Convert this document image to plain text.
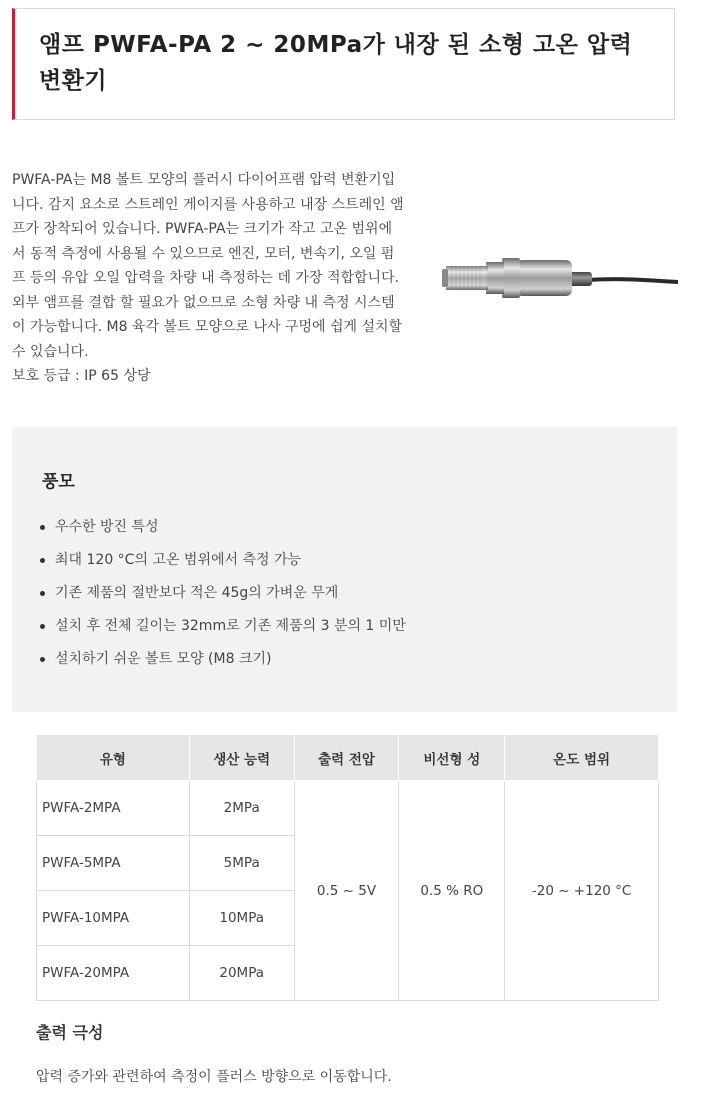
앰프 PWFA-PA 2 ~ 20MPa가 내장 된 소형 고온 압력 변환기

PWFA-PA는 M8 볼트 모양의 플러시 다이어프램 압력 변환기입니다. 감지 요소로 스트레인 게이지를 사용하고 내장 스트레인 앰프가 장착되어 있습니다. PWFA-PA는 크기가 작고 고온 범위에서 동적 측정에 사용될 수 있으므로 엔진, 모터, 변속기, 오일 펌프 등의 유압 오일 압력을 차량 내 측정하는 데 가장 적합합니다. 외부 앰프를 결합 할 필요가 없으므로 소형 차량 내 측정 시스템이 가능합니다. M8 육각 볼트 모양으로 나사 구멍에 쉽게 설치할 수 있습니다.

보호 등급 : IP 65 상당

풍모
우수한 방진 특성
최대 120 °C의 고온 범위에서 측정 가능
기존 제품의 절반보다 적은 45g의 가벼운 무게
설치 후 전체 길이는 32mm로 기존 제품의 3 분의 1 미만
설치하기 쉬운 볼트 모양 (M8 크기)
유형	생산 능력	출력 전압	비선형 성	온도 범위
PWFA-2MPA	2MPa	0.5 ~ 5V	0.5 % RO	-20 ~ +120 °C
PWFA-5MPA	5MPa			
PWFA-10MPA	10MPa			
PWFA-20MPA	20MPa			
출력 극성

압력 증가와 관련하여 측정이 플러스 방향으로 이동합니다.
